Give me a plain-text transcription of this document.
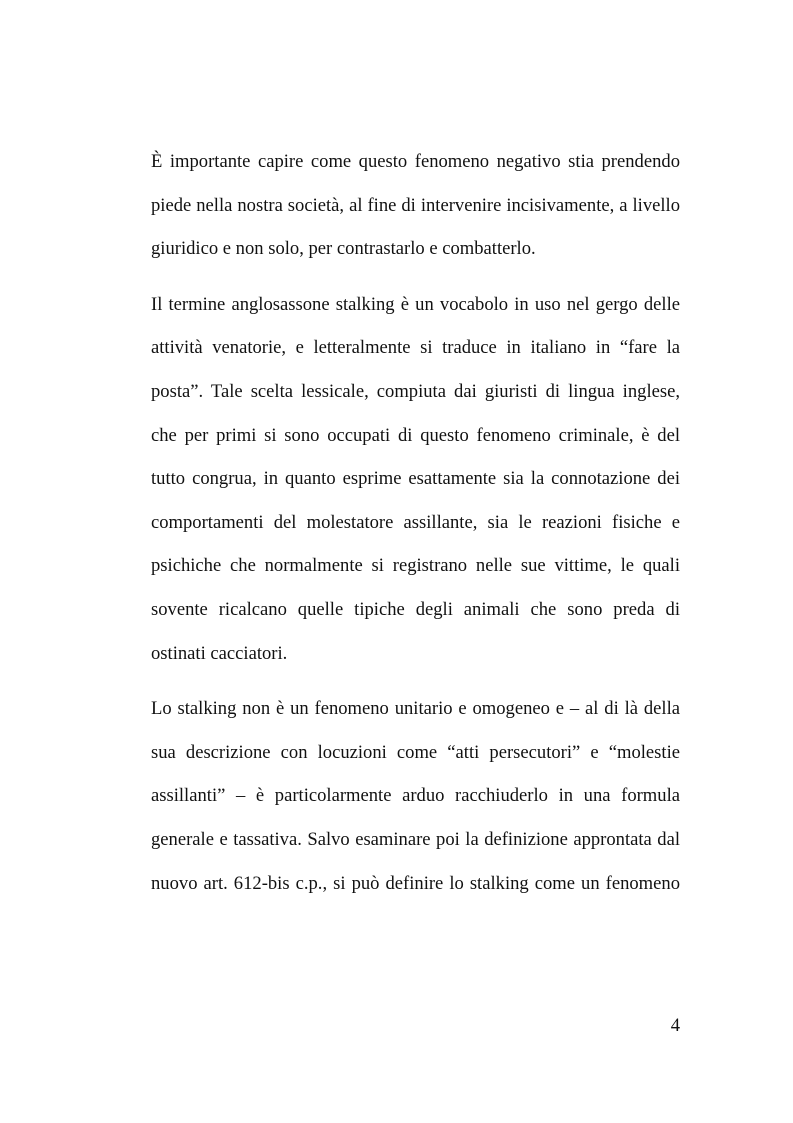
È importante capire come questo fenomeno negativo stia prendendo
piede nella nostra società, al fine di intervenire incisivamente, a livello
giuridico e non solo, per contrastarlo e combatterlo.

Il termine anglosassone stalking è un vocabolo in uso nel gergo delle
attività venatorie, e letteralmente si traduce in italiano in “fare la
posta”. Tale scelta lessicale, compiuta dai giuristi di lingua inglese,
che per primi si sono occupati di questo fenomeno criminale, è del
tutto congrua, in quanto esprime esattamente sia la connotazione dei
comportamenti del molestatore assillante, sia le reazioni fisiche e
psichiche che normalmente si registrano nelle sue vittime, le quali
sovente ricalcano quelle tipiche degli animali che sono preda di
ostinati cacciatori.

Lo stalking non è un fenomeno unitario e omogeneo e – al di là della
sua descrizione con locuzioni come “atti persecutori” e “molestie
assillanti” – è particolarmente arduo racchiuderlo in una formula
generale e tassativa. Salvo esaminare poi la definizione approntata dal
nuovo art. 612-bis c.p., si può definire lo stalking come un fenomeno

4
